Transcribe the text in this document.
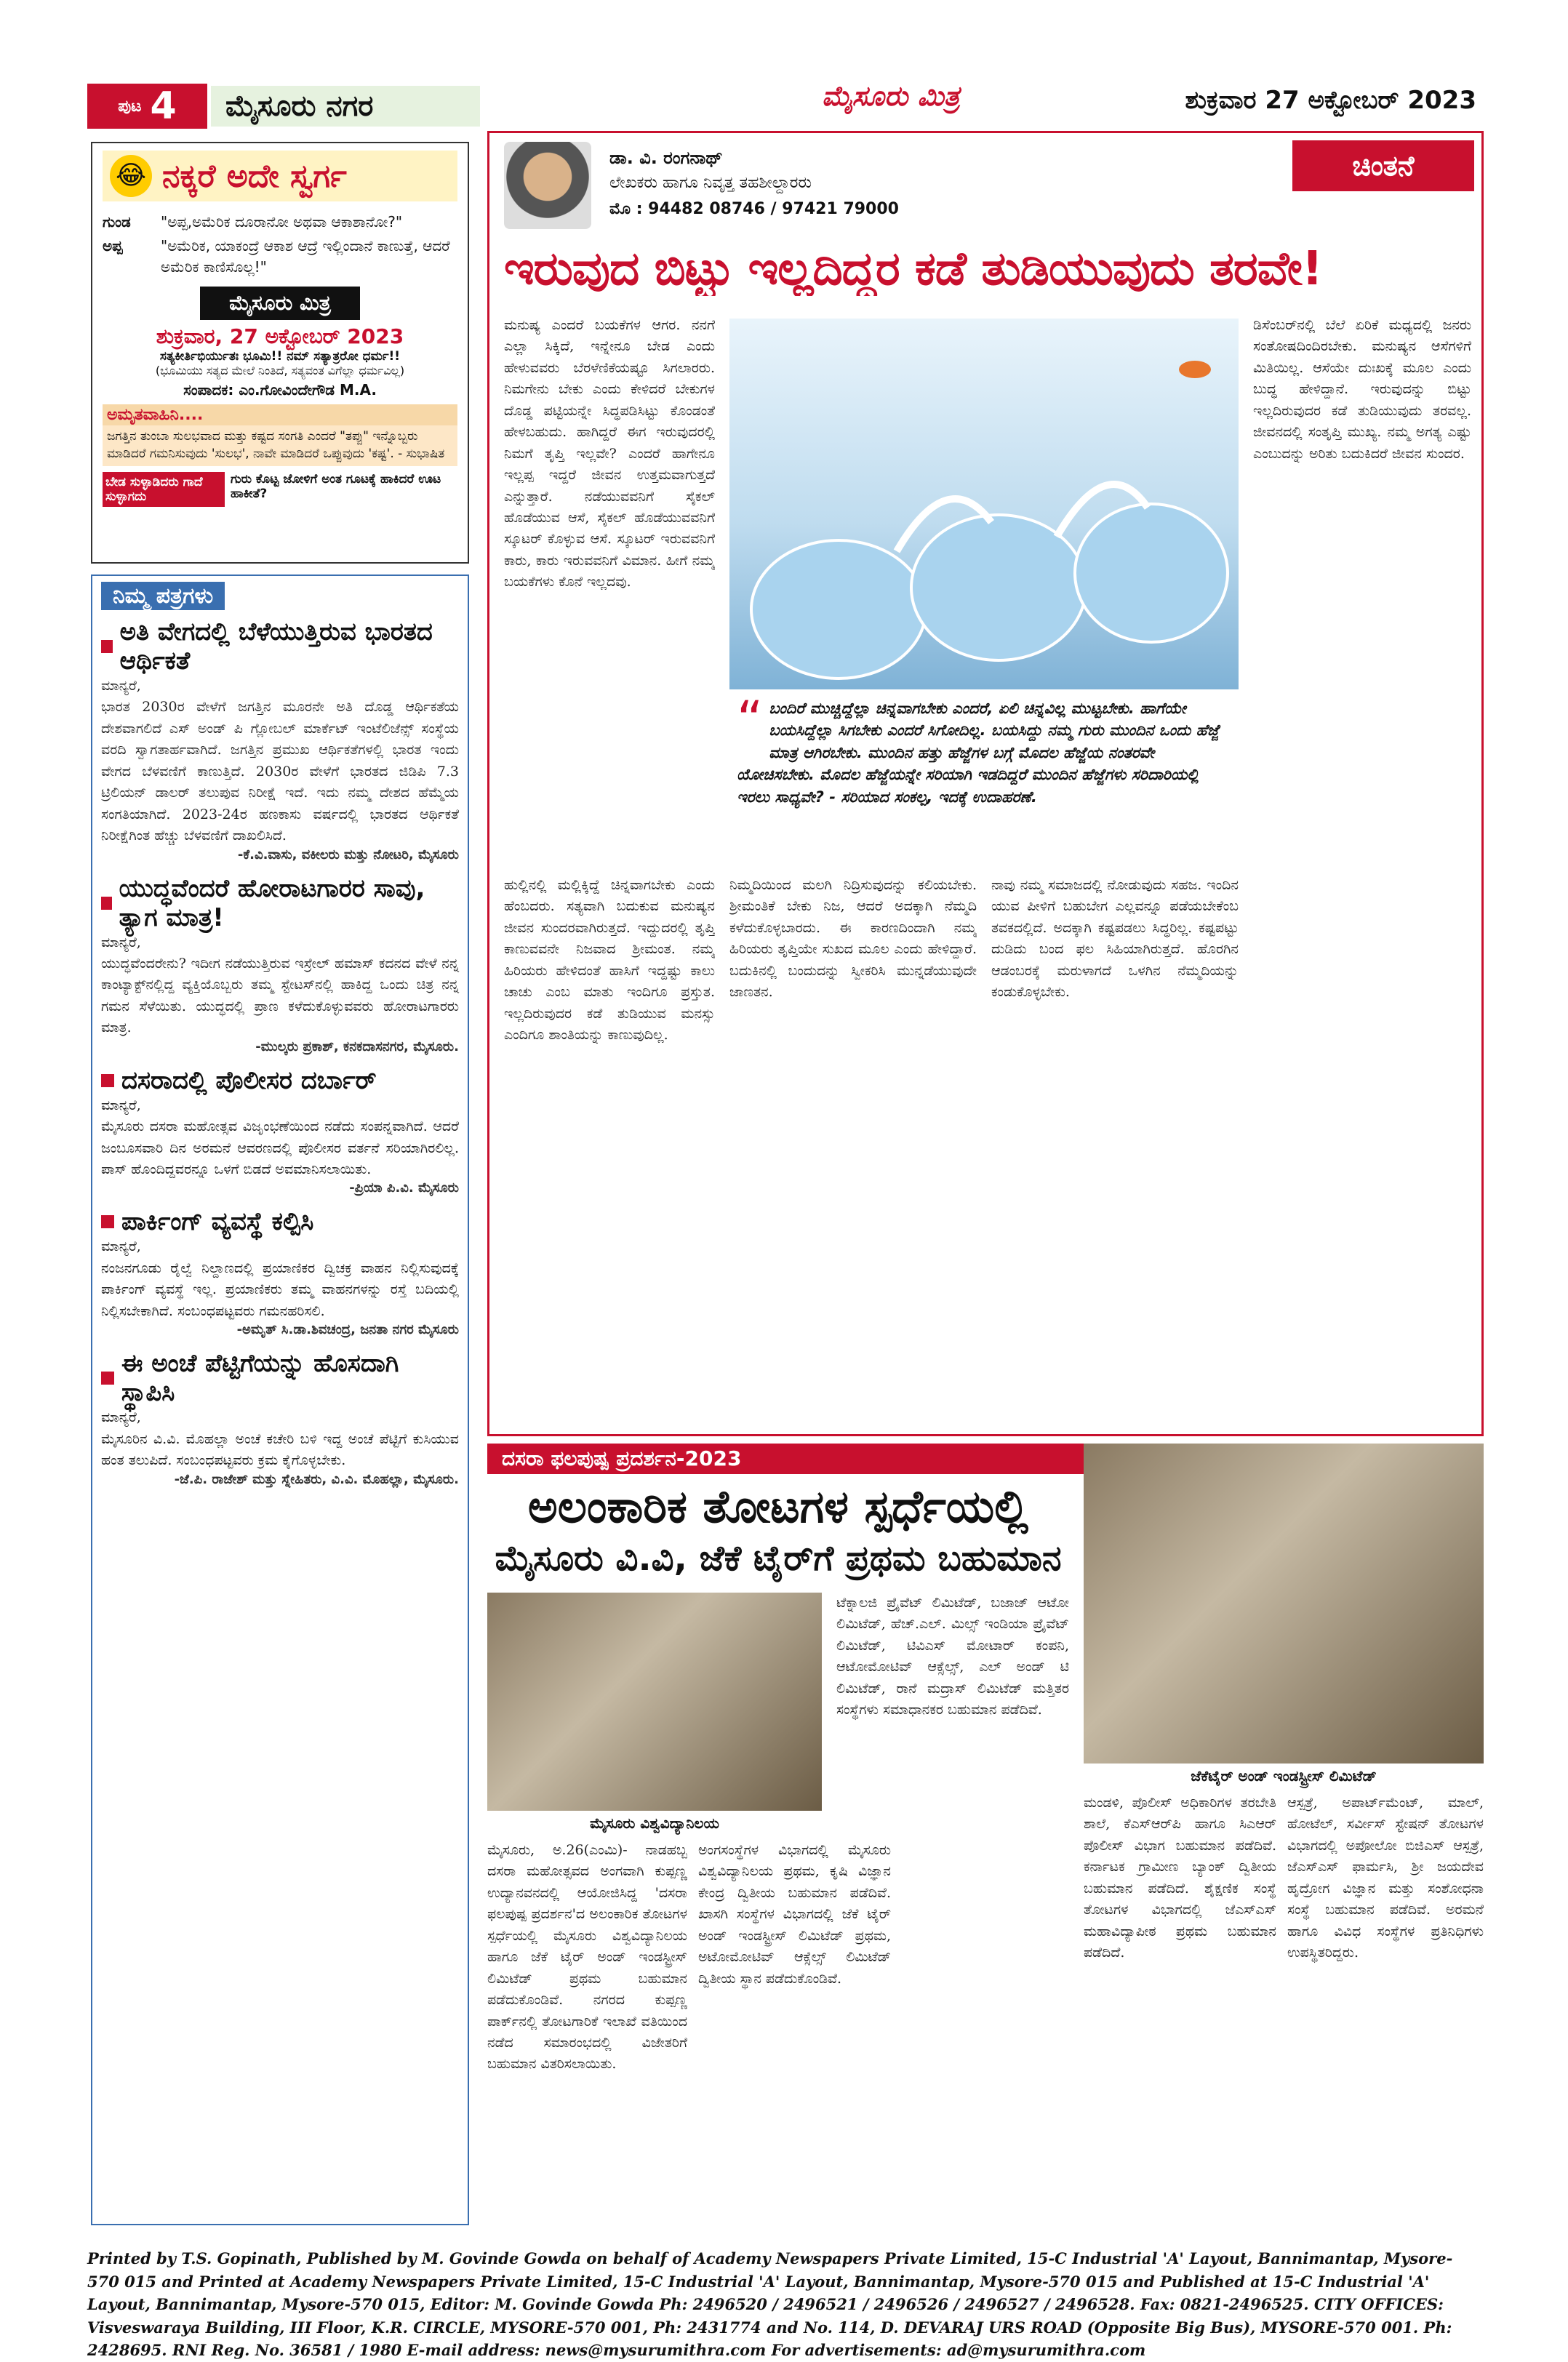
ಪುಟ 4	ಮೈಸೂರು ನಗರ	ಮೈಸೂರು ಮಿತ್ರ	ಶುಕ್ರವಾರ 27 ಅಕ್ಟೋಬರ್ 2023
😂 ನಕ್ಕರೆ ಅದೇ ಸ್ವರ್ಗ
ಗುಂಡ	"ಅಪ್ಪ,ಅಮೆರಿಕ ದೂರಾನೋ ಅಥವಾ ಆಕಾಶಾನೋ?"
ಅಪ್ಪ	"ಅಮೆರಿಕ, ಯಾಕಂದ್ರೆ ಆಕಾಶ ಆದ್ರೆ ಇಲ್ಲಿಂದಾನೆ ಕಾಣುತ್ತೆ, ಆದರೆ ಅಮೆರಿಕ ಕಾಣಿಸೊಲ್ಲ!"
ಮೈಸೂರು ಮಿತ್ರ
ಶುಕ್ರವಾರ, 27 ಅಕ್ಟೋಬರ್ 2023
ಸತ್ಯಕೀರ್ತಿಭಿರ್ಯುತಃ ಭೂಮಿ!! ನಮ್ ಸತ್ಯಾತ್ರರೋ ಧರ್ಮ!!
(ಭೂಮಿಯು ಸತ್ಯದ ಮೇಲೆ ನಿಂತಿದೆ, ಸತ್ಯವಂತ ವಿಗೆಲ್ಲಾ ಧರ್ಮವಿಲ್ಲ)
ಸಂಪಾದಕ: ಎಂ.ಗೋವಿಂದೇಗೌಡ M.A.
ಅಮೃತವಾಹಿನಿ....
ಜಗತ್ತಿನ ತುಂಬಾ ಸುಲಭವಾದ ಮತ್ತು ಕಷ್ಟದ ಸಂಗತಿ ಎಂದರೆ "ತಪ್ಪು" ಇನ್ನೊಬ್ಬರು ಮಾಡಿದರೆ ಗಮನಿಸುವುದು 'ಸುಲಭ', ನಾವೇ ಮಾಡಿದರೆ ಒಪ್ಪುವುದು 'ಕಷ್ಟ'. - ಸುಭಾಷಿತ
ಬೇಡ ಸುಳ್ಳಾಡಿದರು ಗಾದೆ ಸುಳ್ಳಾಗದು
ಗುರು ಕೊಟ್ಟ ಜೋಳಿಗೆ ಅಂತ ಗೂಟಕ್ಕೆ ಹಾಕಿದರೆ ಊಟ ಹಾಕೀತೆ?
ನಿಮ್ಮ ಪತ್ರಗಳು
ಅತಿ ವೇಗದಲ್ಲಿ ಬೆಳೆಯುತ್ತಿರುವ ಭಾರತದ ಆರ್ಥಿಕತೆ
ಮಾನ್ಯರೆ,
ಭಾರತ 2030ರ ವೇಳೆಗೆ ಜಗತ್ತಿನ ಮೂರನೇ ಅತಿ ದೊಡ್ಡ ಆರ್ಥಿಕತೆಯ ದೇಶವಾಗಲಿದೆ ಎಸ್ ಅಂಡ್ ಪಿ ಗ್ಲೋಬಲ್ ಮಾರ್ಕೆಟ್ ಇಂಟೆಲಿಜೆನ್ಸ್ ಸಂಸ್ಥೆಯ ವರದಿ ಸ್ವಾಗತಾರ್ಹವಾಗಿದೆ. ಜಗತ್ತಿನ ಪ್ರಮುಖ ಆರ್ಥಿಕತೆಗಳಲ್ಲಿ ಭಾರತ ಇಂದು ವೇಗದ ಬೆಳವಣಿಗೆ ಕಾಣುತ್ತಿದೆ. 2030ರ ವೇಳೆಗೆ ಭಾರತದ ಜಿಡಿಪಿ 7.3 ಟ್ರಿಲಿಯನ್ ಡಾಲರ್ ತಲುಪುವ ನಿರೀಕ್ಷೆ ಇದೆ. ಇದು ನಮ್ಮ ದೇಶದ ಹೆಮ್ಮೆಯ ಸಂಗತಿಯಾಗಿದೆ. 2023-24ರ ಹಣಕಾಸು ವರ್ಷದಲ್ಲಿ ಭಾರತದ ಆರ್ಥಿಕತೆ ನಿರೀಕ್ಷೆಗಿಂತ ಹೆಚ್ಚು ಬೆಳವಣಿಗೆ ದಾಖಲಿಸಿದೆ.
-ಕೆ.ವಿ.ವಾಸು, ವಕೀಲರು ಮತ್ತು ನೋಟರಿ, ಮೈಸೂರು
ಯುದ್ಧವೆಂದರೆ ಹೋರಾಟಗಾರರ ಸಾವು, ತ್ಯಾಗ ಮಾತ್ರ!
ಮಾನ್ಯರೆ,
ಯುದ್ಧವೆಂದರೇನು? ಇದೀಗ ನಡೆಯುತ್ತಿರುವ ಇಸ್ರೇಲ್ ಹಮಾಸ್ ಕದನದ ವೇಳೆ ನನ್ನ ಕಾಂಟ್ಯಾಕ್ಟ್‌ನಲ್ಲಿದ್ದ ವ್ಯಕ್ತಿಯೊಬ್ಬರು ತಮ್ಮ ಸ್ಟೇಟಸ್‌ನಲ್ಲಿ ಹಾಕಿದ್ದ ಒಂದು ಚಿತ್ರ ನನ್ನ ಗಮನ ಸೆಳೆಯಿತು. ಯುದ್ಧದಲ್ಲಿ ಪ್ರಾಣ ಕಳೆದುಕೊಳ್ಳುವವರು ಹೋರಾಟಗಾರರು ಮಾತ್ರ.
-ಮುಲ್ಕರು ಪ್ರಕಾಶ್, ಕನಕದಾಸನಗರ, ಮೈಸೂರು.
ದಸರಾದಲ್ಲಿ ಪೊಲೀಸರ ದರ್ಬಾರ್
ಮಾನ್ಯರೆ,
ಮೈಸೂರು ದಸರಾ ಮಹೋತ್ಸವ ವಿಜೃಂಭಣೆಯಿಂದ ನಡೆದು ಸಂಪನ್ನವಾಗಿದೆ. ಆದರೆ ಜಂಬೂಸವಾರಿ ದಿನ ಅರಮನೆ ಆವರಣದಲ್ಲಿ ಪೊಲೀಸರ ವರ್ತನೆ ಸರಿಯಾಗಿರಲಿಲ್ಲ. ಪಾಸ್ ಹೊಂದಿದ್ದವರನ್ನೂ ಒಳಗೆ ಬಿಡದೆ ಅವಮಾನಿಸಲಾಯಿತು.
-ಪ್ರಿಯಾ ಪಿ.ವಿ. ಮೈಸೂರು
ಪಾರ್ಕಿಂಗ್ ವ್ಯವಸ್ಥೆ ಕಲ್ಪಿಸಿ
ಮಾನ್ಯರೆ,
ನಂಜನಗೂಡು ರೈಲ್ವೆ ನಿಲ್ದಾಣದಲ್ಲಿ ಪ್ರಯಾಣಿಕರ ದ್ವಿಚಕ್ರ ವಾಹನ ನಿಲ್ಲಿಸುವುದಕ್ಕೆ ಪಾರ್ಕಿಂಗ್ ವ್ಯವಸ್ಥೆ ಇಲ್ಲ. ಪ್ರಯಾಣಿಕರು ತಮ್ಮ ವಾಹನಗಳನ್ನು ರಸ್ತೆ ಬದಿಯಲ್ಲಿ ನಿಲ್ಲಿಸಬೇಕಾಗಿದೆ. ಸಂಬಂಧಪಟ್ಟವರು ಗಮನಹರಿಸಲಿ.
-ಅಮೃತ್ ಸಿ.ಡಾ.ಶಿವಚಂದ್ರ, ಜನತಾ ನಗರ ಮೈಸೂರು
ಈ ಅಂಚೆ ಪೆಟ್ಟಿಗೆಯನ್ನು ಹೊಸದಾಗಿ ಸ್ಥಾಪಿಸಿ
ಮಾನ್ಯರೆ,
ಮೈಸೂರಿನ ವಿ.ವಿ. ಮೊಹಲ್ಲಾ ಅಂಚೆ ಕಚೇರಿ ಬಳಿ ಇದ್ದ ಅಂಚೆ ಪೆಟ್ಟಿಗೆ ಕುಸಿಯುವ ಹಂತ ತಲುಪಿದೆ. ಸಂಬಂಧಪಟ್ಟವರು ಕ್ರಮ ಕೈಗೊಳ್ಳಬೇಕು.
-ಜೆ.ಪಿ. ರಾಜೇಶ್ ಮತ್ತು ಸ್ನೇಹಿತರು, ವಿ.ವಿ. ಮೊಹಲ್ಲಾ, ಮೈಸೂರು.
ಡಾ. ವಿ. ರಂಗನಾಥ್
ಲೇಖಕರು ಹಾಗೂ ನಿವೃತ್ತ ತಹಶೀಲ್ದಾರರು
ಮೊ : 94482 08746 / 97421 79000
ಚಿಂತನೆ
ಇರುವುದ ಬಿಟ್ಟು ಇಲ್ಲದಿದ್ದರ ಕಡೆ ತುಡಿಯುವುದು ತರವೇ!
ಮನುಷ್ಯ ಎಂದರೆ ಬಯಕೆಗಳ ಆಗರ. ನನಗೆ ಎಲ್ಲಾ ಸಿಕ್ಕಿದೆ, ಇನ್ನೇನೂ ಬೇಡ ಎಂದು ಹೇಳುವವರು ಬೆರಳೆಣಿಕೆಯಷ್ಟೂ ಸಿಗಲಾರರು. ನಿಮಗೇನು ಬೇಕು ಎಂದು ಕೇಳಿದರೆ ಬೇಕುಗಳ ದೊಡ್ಡ ಪಟ್ಟಿಯನ್ನೇ ಸಿದ್ಧಪಡಿಸಿಟ್ಟು ಕೊಂಡಂತೆ ಹೇಳಬಹುದು. ಹಾಗಿದ್ದರೆ ಈಗ ಇರುವುದರಲ್ಲಿ ನಿಮಗೆ ತೃಪ್ತಿ ಇಲ್ಲವೇ? ಎಂದರೆ ಹಾಗೇನೂ ಇಲ್ಲಪ್ಪ ಇದ್ದರೆ ಜೀವನ ಉತ್ತಮವಾಗುತ್ತದೆ ಎನ್ನುತ್ತಾರೆ. ನಡೆಯುವವನಿಗೆ ಸೈಕಲ್ ಹೊಡೆಯುವ ಆಸೆ, ಸೈಕಲ್ ಹೊಡೆಯುವವನಿಗೆ ಸ್ಕೂಟರ್ ಕೊಳ್ಳುವ ಆಸೆ. ಸ್ಕೂಟರ್ ಇರುವವನಿಗೆ ಕಾರು, ಕಾರು ಇರುವವನಿಗೆ ವಿಮಾನ. ಹೀಗೆ ನಮ್ಮ ಬಯಕೆಗಳು ಕೊನೆ ಇಲ್ಲದವು.
“ ಬಂದಿರೆ ಮುಚ್ಚಿದ್ದೆಲ್ಲಾ ಚಿನ್ನವಾಗಬೇಕು ಎಂದರೆ, ಏಲಿ ಚಿನ್ನವಿಲ್ಲ ಮುಟ್ಟಬೇಕು. ಹಾಗೆಯೇ ಬಯಸಿದ್ದೆಲ್ಲಾ ಸಿಗಬೇಕು ಎಂದರೆ ಸಿಗೋದಿಲ್ಲ. ಬಯಸಿದ್ದು ನಮ್ಮ ಗುರು ಮುಂದಿನ ಒಂದು ಹೆಜ್ಜೆ ಮಾತ್ರ ಆಗಿರಬೇಕು. ಮುಂದಿನ ಹತ್ತು ಹೆಜ್ಜೆಗಳ ಬಗ್ಗೆ ಮೊದಲ ಹೆಜ್ಜೆಯ ನಂತರವೇ ಯೋಚಿಸಬೇಕು. ಮೊದಲ ಹೆಜ್ಜೆಯನ್ನೇ ಸರಿಯಾಗಿ ಇಡದಿದ್ದರೆ ಮುಂದಿನ ಹೆಜ್ಜೆಗಳು ಸರಿದಾರಿಯಲ್ಲಿ ಇರಲು ಸಾಧ್ಯವೇ? - ಸರಿಯಾದ ಸಂಕಲ್ಪ, ಇದಕ್ಕೆ ಉದಾಹರಣೆ.
ಡಿಸೆಂಬರ್‌ನಲ್ಲಿ ಬೆಲೆ ಏರಿಕೆ ಮಧ್ಯದಲ್ಲಿ ಜನರು ಸಂತೋಷದಿಂದಿರಬೇಕು. ಮನುಷ್ಯನ ಆಸೆಗಳಿಗೆ ಮಿತಿಯಿಲ್ಲ. ಆಸೆಯೇ ದುಃಖಕ್ಕೆ ಮೂಲ ಎಂದು ಬುದ್ಧ ಹೇಳಿದ್ದಾನೆ. ಇರುವುದನ್ನು ಬಿಟ್ಟು ಇಲ್ಲದಿರುವುದರ ಕಡೆ ತುಡಿಯುವುದು ತರವಲ್ಲ. ಜೀವನದಲ್ಲಿ ಸಂತೃಪ್ತಿ ಮುಖ್ಯ. ನಮ್ಮ ಅಗತ್ಯ ಎಷ್ಟು ಎಂಬುದನ್ನು ಅರಿತು ಬದುಕಿದರೆ ಜೀವನ ಸುಂದರ.
ಹುಲ್ಲಿನಲ್ಲಿ ಮಲ್ಲಿಕ್ಕಿದ್ದೆ ಚಿನ್ನವಾಗಬೇಕು ಎಂದು ಹೆಂಬದರು. ಸತ್ಯವಾಗಿ ಬದುಕುವ ಮನುಷ್ಯನ ಜೀವನ ಸುಂದರವಾಗಿರುತ್ತದೆ. ಇದ್ದುದರಲ್ಲಿ ತೃಪ್ತಿ ಕಾಣುವವನೇ ನಿಜವಾದ ಶ್ರೀಮಂತ. ನಮ್ಮ ಹಿರಿಯರು ಹೇಳಿದಂತೆ ಹಾಸಿಗೆ ಇದ್ದಷ್ಟು ಕಾಲು ಚಾಚು ಎಂಬ ಮಾತು ಇಂದಿಗೂ ಪ್ರಸ್ತುತ. ಇಲ್ಲದಿರುವುದರ ಕಡೆ ತುಡಿಯುವ ಮನಸ್ಸು ಎಂದಿಗೂ ಶಾಂತಿಯನ್ನು ಕಾಣುವುದಿಲ್ಲ.
ನಿಮ್ಮದಿಯಿಂದ ಮಲಗಿ ನಿದ್ರಿಸುವುದನ್ನು ಕಲಿಯಬೇಕು. ಶ್ರೀಮಂತಿಕೆ ಬೇಕು ನಿಜ, ಆದರೆ ಅದಕ್ಕಾಗಿ ನೆಮ್ಮದಿ ಕಳೆದುಕೊಳ್ಳಬಾರದು. ಈ ಕಾರಣದಿಂದಾಗಿ ನಮ್ಮ ಹಿರಿಯರು ತೃಪ್ತಿಯೇ ಸುಖದ ಮೂಲ ಎಂದು ಹೇಳಿದ್ದಾರೆ. ಬದುಕಿನಲ್ಲಿ ಬಂದುದನ್ನು ಸ್ವೀಕರಿಸಿ ಮುನ್ನಡೆಯುವುದೇ ಜಾಣತನ.
ನಾವು ನಮ್ಮ ಸಮಾಜದಲ್ಲಿ ನೋಡುವುದು ಸಹಜ. ಇಂದಿನ ಯುವ ಪೀಳಿಗೆ ಬಹುಬೇಗ ಎಲ್ಲವನ್ನೂ ಪಡೆಯಬೇಕೆಂಬ ತವಕದಲ್ಲಿದೆ. ಅದಕ್ಕಾಗಿ ಕಷ್ಟಪಡಲು ಸಿದ್ಧರಿಲ್ಲ. ಕಷ್ಟಪಟ್ಟು ದುಡಿದು ಬಂದ ಫಲ ಸಿಹಿಯಾಗಿರುತ್ತದೆ. ಹೊರಗಿನ ಆಡಂಬರಕ್ಕೆ ಮರುಳಾಗದೆ ಒಳಗಿನ ನೆಮ್ಮದಿಯನ್ನು ಕಂಡುಕೊಳ್ಳಬೇಕು.
ದಸರಾ ಫಲಪುಷ್ಪ ಪ್ರದರ್ಶನ-2023
ಅಲಂಕಾರಿಕ ತೋಟಗಳ ಸ್ಪರ್ಧೆಯಲ್ಲಿ
ಮೈಸೂರು ವಿ.ವಿ, ಜೆಕೆ ಟೈರ್‌ಗೆ ಪ್ರಥಮ ಬಹುಮಾನ
ಮೈಸೂರು ವಿಶ್ವವಿದ್ಯಾನಿಲಯ
ಜೆಕೆಟೈರ್ ಅಂಡ್ ಇಂಡಸ್ಟ್ರೀಸ್ ಲಿಮಿಟೆಡ್
ಮೈಸೂರು, ಅ.26(ಎಂಮಿ)- ನಾಡಹಬ್ಬ ದಸರಾ ಮಹೋತ್ಸವದ ಅಂಗವಾಗಿ ಕುಪ್ಪಣ್ಣ ಉದ್ಯಾನವನದಲ್ಲಿ ಆಯೋಜಿಸಿದ್ದ 'ದಸರಾ ಫಲಪುಷ್ಪ ಪ್ರದರ್ಶನ'ದ ಅಲಂಕಾರಿಕ ತೋಟಗಳ ಸ್ಪರ್ಧೆಯಲ್ಲಿ ಮೈಸೂರು ವಿಶ್ವವಿದ್ಯಾನಿಲಯ ಹಾಗೂ ಜೆಕೆ ಟೈರ್ ಅಂಡ್ ಇಂಡಸ್ಟ್ರೀಸ್ ಲಿಮಿಟೆಡ್ ಪ್ರಥಮ ಬಹುಮಾನ ಪಡೆದುಕೊಂಡಿವೆ. ನಗರದ ಕುಪ್ಪಣ್ಣ ಪಾರ್ಕ್‌ನಲ್ಲಿ ತೋಟಗಾರಿಕೆ ಇಲಾಖೆ ವತಿಯಿಂದ ನಡೆದ ಸಮಾರಂಭದಲ್ಲಿ ವಿಜೇತರಿಗೆ ಬಹುಮಾನ ವಿತರಿಸಲಾಯಿತು.
ಅಂಗಸಂಸ್ಥೆಗಳ ವಿಭಾಗದಲ್ಲಿ ಮೈಸೂರು ವಿಶ್ವವಿದ್ಯಾನಿಲಯ ಪ್ರಥಮ, ಕೃಷಿ ವಿಜ್ಞಾನ ಕೇಂದ್ರ ದ್ವಿತೀಯ ಬಹುಮಾನ ಪಡೆದಿವೆ. ಖಾಸಗಿ ಸಂಸ್ಥೆಗಳ ವಿಭಾಗದಲ್ಲಿ ಜೆಕೆ ಟೈರ್ ಅಂಡ್ ಇಂಡಸ್ಟ್ರೀಸ್ ಲಿಮಿಟೆಡ್ ಪ್ರಥಮ, ಅಟೋಮೋಟಿವ್ ಆಕ್ಸೆಲ್ಸ್ ಲಿಮಿಟೆಡ್ ದ್ವಿತೀಯ ಸ್ಥಾನ ಪಡೆದುಕೊಂಡಿವೆ.
ಟೆಕ್ನಾಲಜಿ ಪ್ರೈವೆಟ್ ಲಿಮಿಟೆಡ್, ಬಜಾಜ್ ಆಟೋ ಲಿಮಿಟೆಡ್, ಹೆಚ್.ಎಲ್. ಮಿಲ್ಸ್ ಇಂಡಿಯಾ ಪ್ರೈವೆಟ್ ಲಿಮಿಟೆಡ್, ಟಿವಿಎಸ್ ಮೋಟಾರ್ ಕಂಪನಿ, ಆಟೋಮೋಟಿವ್ ಆಕ್ಸೆಲ್ಸ್, ಎಲ್ ಅಂಡ್ ಟಿ ಲಿಮಿಟೆಡ್, ರಾನೆ ಮದ್ರಾಸ್ ಲಿಮಿಟೆಡ್ ಮತ್ತಿತರ ಸಂಸ್ಥೆಗಳು ಸಮಾಧಾನಕರ ಬಹುಮಾನ ಪಡೆದಿವೆ.
ಮಂಡಳಿ, ಪೊಲೀಸ್ ಅಧಿಕಾರಿಗಳ ತರಬೇತಿ ಶಾಲೆ, ಕೆಎಸ್‌ಆರ್‌ಪಿ ಹಾಗೂ ಸಿಎಆರ್ ಪೊಲೀಸ್ ವಿಭಾಗ ಬಹುಮಾನ ಪಡೆದಿವೆ. ಕರ್ನಾಟಕ ಗ್ರಾಮೀಣ ಬ್ಯಾಂಕ್ ದ್ವಿತೀಯ ಬಹುಮಾನ ಪಡೆದಿದೆ. ಶೈಕ್ಷಣಿಕ ಸಂಸ್ಥೆ ತೋಟಗಳ ವಿಭಾಗದಲ್ಲಿ ಜೆಎಸ್‌ಎಸ್ ಮಹಾವಿದ್ಯಾಪೀಠ ಪ್ರಥಮ ಬಹುಮಾನ ಪಡೆದಿದೆ.
ಆಸ್ಪತ್ರೆ, ಅಪಾರ್ಟ್‌ಮೆಂಟ್, ಮಾಲ್, ಹೋಟೆಲ್, ಸರ್ವೀಸ್ ಸ್ಟೇಷನ್ ತೋಟಗಳ ವಿಭಾಗದಲ್ಲಿ ಅಪೋಲೋ ಬಿಜಿಎಸ್ ಆಸ್ಪತ್ರೆ, ಜೆಎಸ್‌ಎಸ್ ಫಾರ್ಮಸಿ, ಶ್ರೀ ಜಯದೇವ ಹೃದ್ರೋಗ ವಿಜ್ಞಾನ ಮತ್ತು ಸಂಶೋಧನಾ ಸಂಸ್ಥೆ ಬಹುಮಾನ ಪಡೆದಿವೆ. ಅರಮನೆ ಹಾಗೂ ವಿವಿಧ ಸಂಸ್ಥೆಗಳ ಪ್ರತಿನಿಧಿಗಳು ಉಪಸ್ಥಿತರಿದ್ದರು.
Printed by T.S. Gopinath, Published by M. Govinde Gowda on behalf of Academy Newspapers Private Limited, 15-C Industrial 'A' Layout, Bannimantap, Mysore-570 015 and Printed at Academy Newspapers Private Limited, 15-C Industrial 'A' Layout, Bannimantap, Mysore-570 015 and Published at 15-C Industrial 'A' Layout, Bannimantap, Mysore-570 015, Editor: M. Govinde Gowda Ph: 2496520 / 2496521 / 2496526 / 2496527 / 2496528. Fax: 0821-2496525. CITY OFFICES: Visveswaraya Building, III Floor, K.R. CIRCLE, MYSORE-570 001, Ph: 2431774 and No. 114, D. DEVARAJ URS ROAD (Opposite Big Bus), MYSORE-570 001. Ph: 2428695. RNI Reg. No. 36581 / 1980 E-mail address: news@mysurumithra.com For advertisements: ad@mysurumithra.com
